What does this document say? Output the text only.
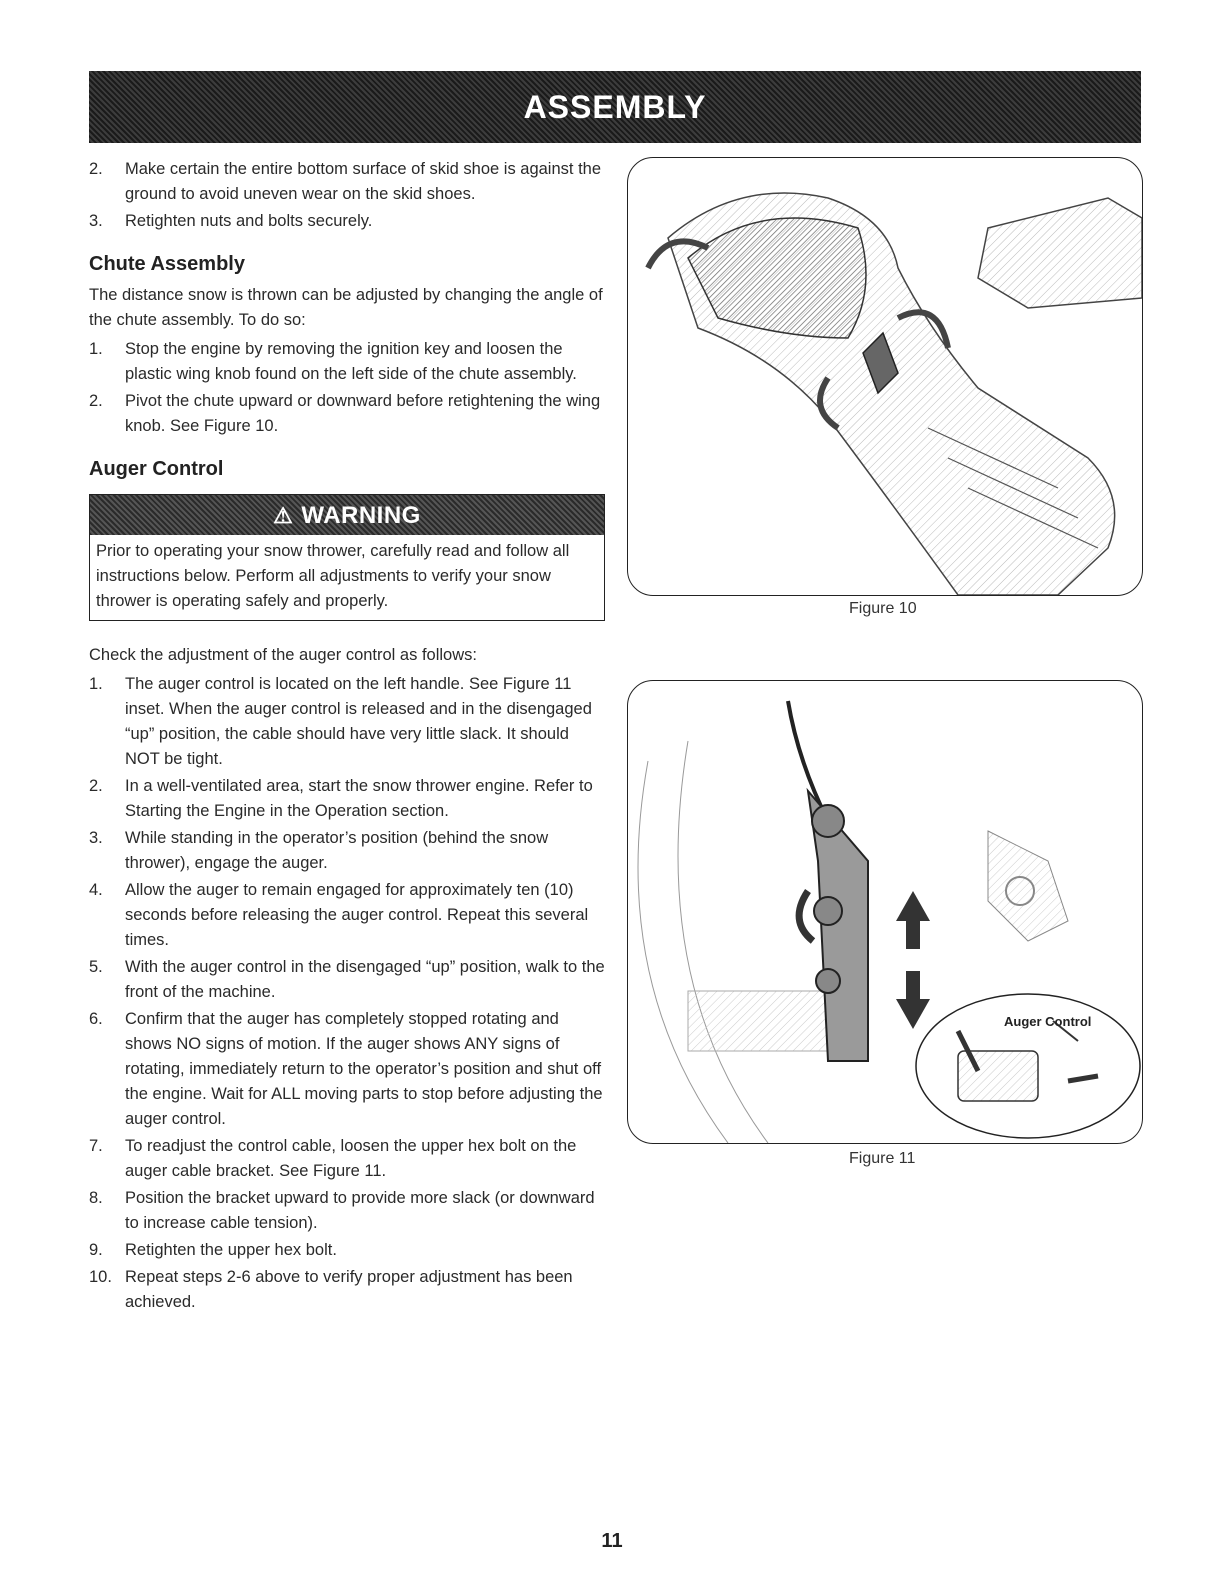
ASSEMBLY
2.	Make certain the entire bottom surface of skid shoe is against the ground to avoid uneven wear on the skid shoes.
3.	Retighten nuts and bolts securely.
Chute Assembly

The distance snow is thrown can be adjusted by changing the angle of the chute assembly. To do so:

1.	Stop the engine by removing the ignition key and loosen the plastic wing knob found on the left side of the chute assembly.
2.	Pivot the chute upward or downward before retightening the wing knob. See Figure 10.
Auger Control
⚠ WARNING
Prior to operating your snow thrower, carefully read and follow all instructions below. Perform all adjustments to verify your snow thrower is operating safely and properly.

Check the adjustment of the auger control as follows:

1.	The auger control is located on the left handle. See Figure 11 inset. When the auger control is released and in the disengaged “up” position, the cable should have very little slack. It should NOT be tight.
2.	In a well-ventilated area, start the snow thrower engine. Refer to Starting the Engine in the Operation section.
3.	While standing in the operator’s position (behind the snow thrower), engage the auger.
4.	Allow the auger to remain engaged for approximately ten (10) seconds before releasing the auger control. Repeat this several times.
5.	With the auger control in the disengaged “up” position, walk to the front of the machine.
6.	Confirm that the auger has completely stopped rotating and shows NO signs of motion. If the auger shows ANY signs of rotating, immediately return to the operator’s position and shut off the engine. Wait for ALL moving parts to stop before adjusting the auger control.
7.	To readjust the control cable, loosen the upper hex bolt on the auger cable bracket. See Figure 11.
8.	Position the bracket upward to provide more slack (or downward to increase cable tension).
9.	Retighten the upper hex bolt.
10. Repeat steps 2-6 above to verify proper adjustment has been achieved.
Figure 10
Auger Control
Figure 11
11
